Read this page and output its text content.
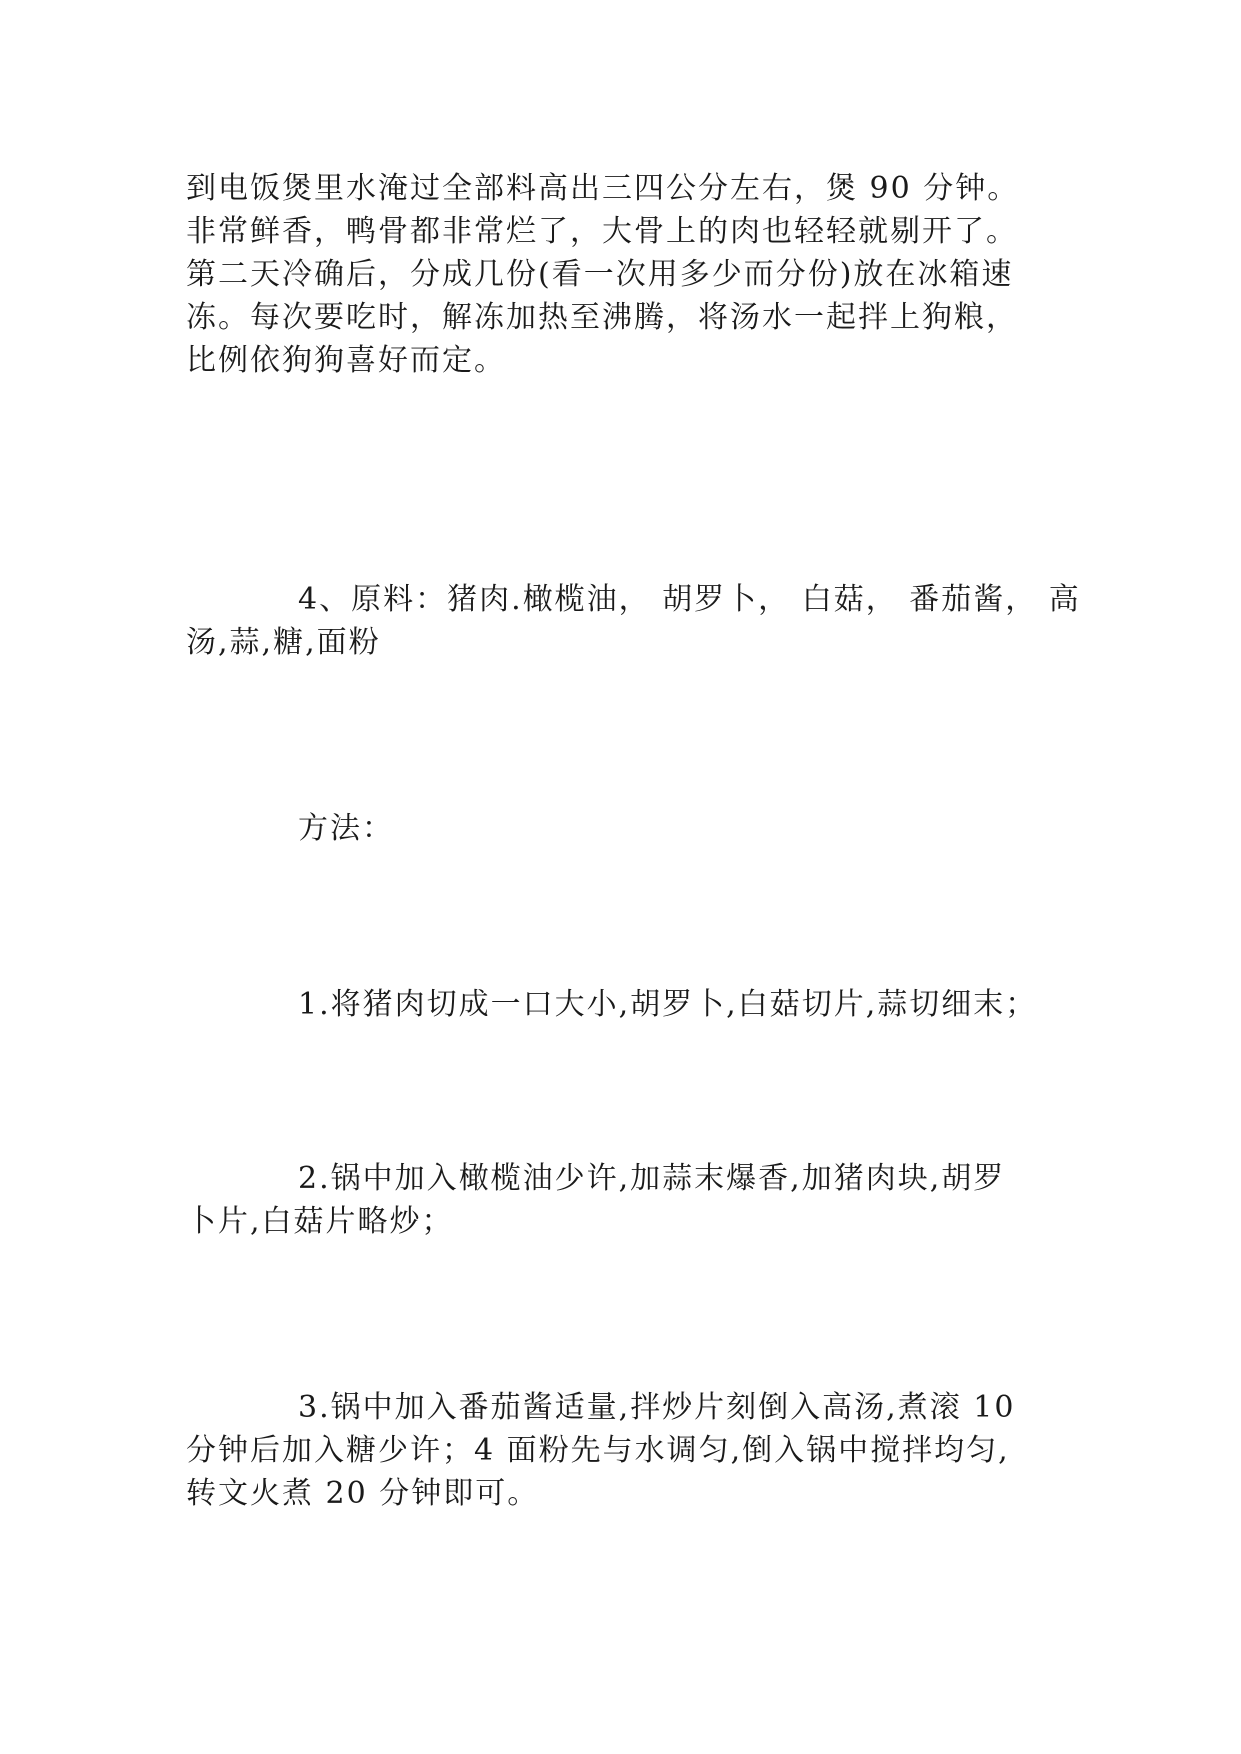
到电饭煲里水淹过全部料高出三四公分左右，煲 90 分钟。
非常鲜香，鸭骨都非常烂了，大骨上的肉也轻轻就剔开了。
第二天冷确后，分成几份(看一次用多少而分份)放在冰箱速
冻。每次要吃时，解冻加热至沸腾，将汤水一起拌上狗粮，
比例依狗狗喜好而定。
4、原料：猪肉.橄榄油， 胡罗卜， 白菇， 番茄酱， 高
汤,蒜,糖,面粉
方法：
1.将猪肉切成一口大小,胡罗卜,白菇切片,蒜切细末；
2.锅中加入橄榄油少许,加蒜末爆香,加猪肉块,胡罗
卜片,白菇片略炒；
3.锅中加入番茄酱适量,拌炒片刻倒入高汤,煮滚 10
分钟后加入糖少许；4 面粉先与水调匀,倒入锅中搅拌均匀,
转文火煮 20 分钟即可。
